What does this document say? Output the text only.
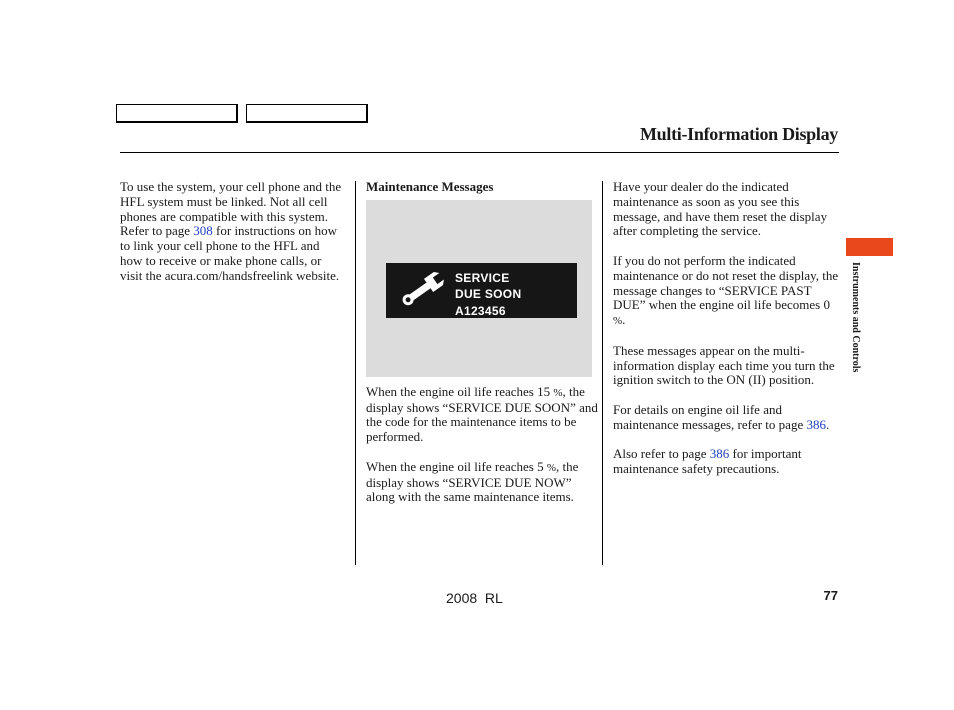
Multi-Information Display

To use the system, your cell phone and the HFL system must be linked. Not all cell phones are compatible with this system. Refer to page 308 for instructions on how to link your cell phone to the HFL and how to receive or make phone calls, or visit the acura.com/handsfreelink website.

Maintenance Messages
SERVICE
DUE SOON
A123456

When the engine oil life reaches 15 %, the display shows “SERVICE DUE SOON” and the code for the maintenance items to be performed.

When the engine oil life reaches 5 %, the display shows “SERVICE DUE NOW” along with the same maintenance items.

Have your dealer do the indicated maintenance as soon as you see this message, and have them reset the display after completing the service.

If you do not perform the indicated maintenance or do not reset the display, the message changes to “SERVICE PAST DUE” when the engine oil life becomes 0 %.

These messages appear on the multi-information display each time you turn the ignition switch to the ON (II) position.

For details on engine oil life and maintenance messages, refer to page 386.

Also refer to page 386 for important maintenance safety precautions.

Instruments and Controls
2008  RL	77
